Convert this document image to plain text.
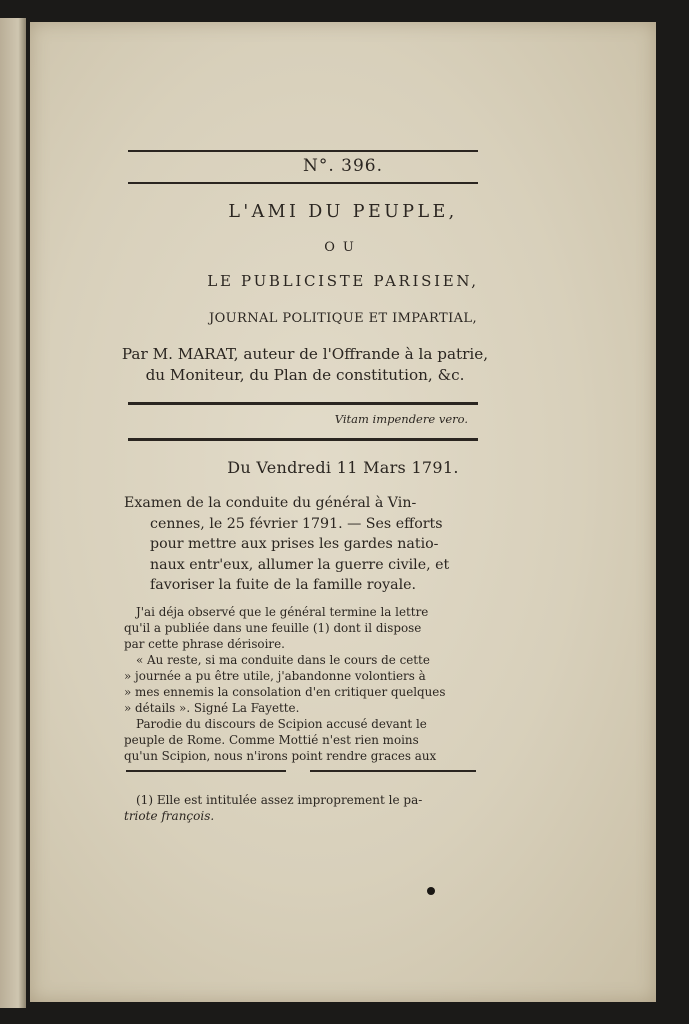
N°. 396.
L'AMI DU PEUPLE,
OU
LE PUBLICISTE PARISIEN,
JOURNAL POLITIQUE ET IMPARTIAL,
Par M. MARAT, auteur de l'Offrande à la patrie,
du Moniteur, du Plan de constitution, &c.
Vitam impendere vero.
Du Vendredi 11 Mars 1791.
Examen de la conduite du général à Vin-
cennes, le 25 février 1791. — Ses efforts
pour mettre aux prises les gardes natio-
naux entr'eux, allumer la guerre civile, et
favoriser la fuite de la famille royale.
J'ai déja observé que le général termine la lettre
qu'il a publiée dans une feuille (1) dont il dispose
par cette phrase dérisoire.
« Au reste, si ma conduite dans le cours de cette
» journée a pu être utile, j'abandonne volontiers à
» mes ennemis la consolation d'en critiquer quelques
» détails ». Signé La Fayette.
Parodie du discours de Scipion accusé devant le
peuple de Rome. Comme Mottié n'est rien moins
qu'un Scipion, nous n'irons point rendre graces aux
(1) Elle est intitulée assez improprement le pa-
triote françois.
